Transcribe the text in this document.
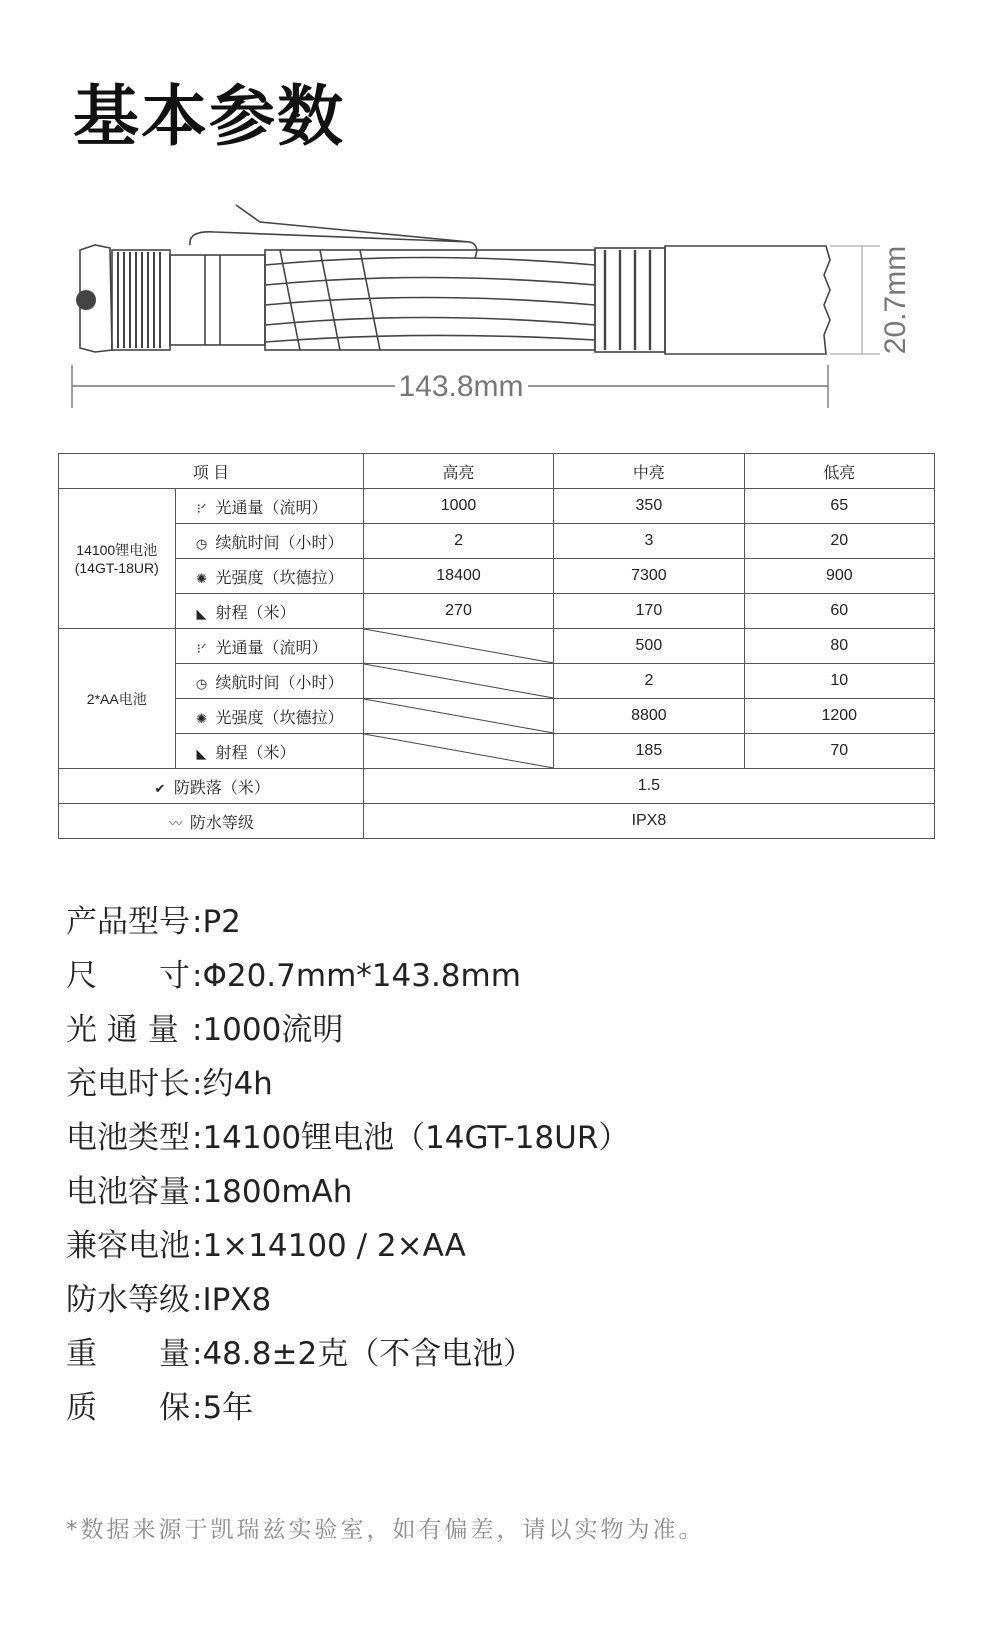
基本参数
143.8mm
20.7mm
项 目		高亮	中亮	低亮
14100锂电池
(14GT-18UR)	⁝ᐟ 光通量（流明）	1000	350	65
	◷ 续航时间（小时）	2	3	20
	✺ 光强度（坎德拉）	18400	7300	900
	◣ 射程（米）	270	170	60
2*AA电池	⁝ᐟ 光通量（流明）		500	80
	◷ 续航时间（小时）		2	10
	✺ 光强度（坎德拉）		8800	1200
	◣ 射程（米）		185	70
✔ 防跌落（米）		1.5		
〰 防水等级		IPX8		
产品型号:P2
尺　　寸:Φ20.7mm*143.8mm
光 通 量 :1000流明
充电时长:约4h
电池类型:14100锂电池（14GT-18UR）
电池容量:1800mAh
兼容电池:1×14100 / 2×AA
防水等级:IPX8
重　　量:48.8±2克（不含电池）
质　　保:5年
*数据来源于凯瑞兹实验室，如有偏差，请以实物为准。
